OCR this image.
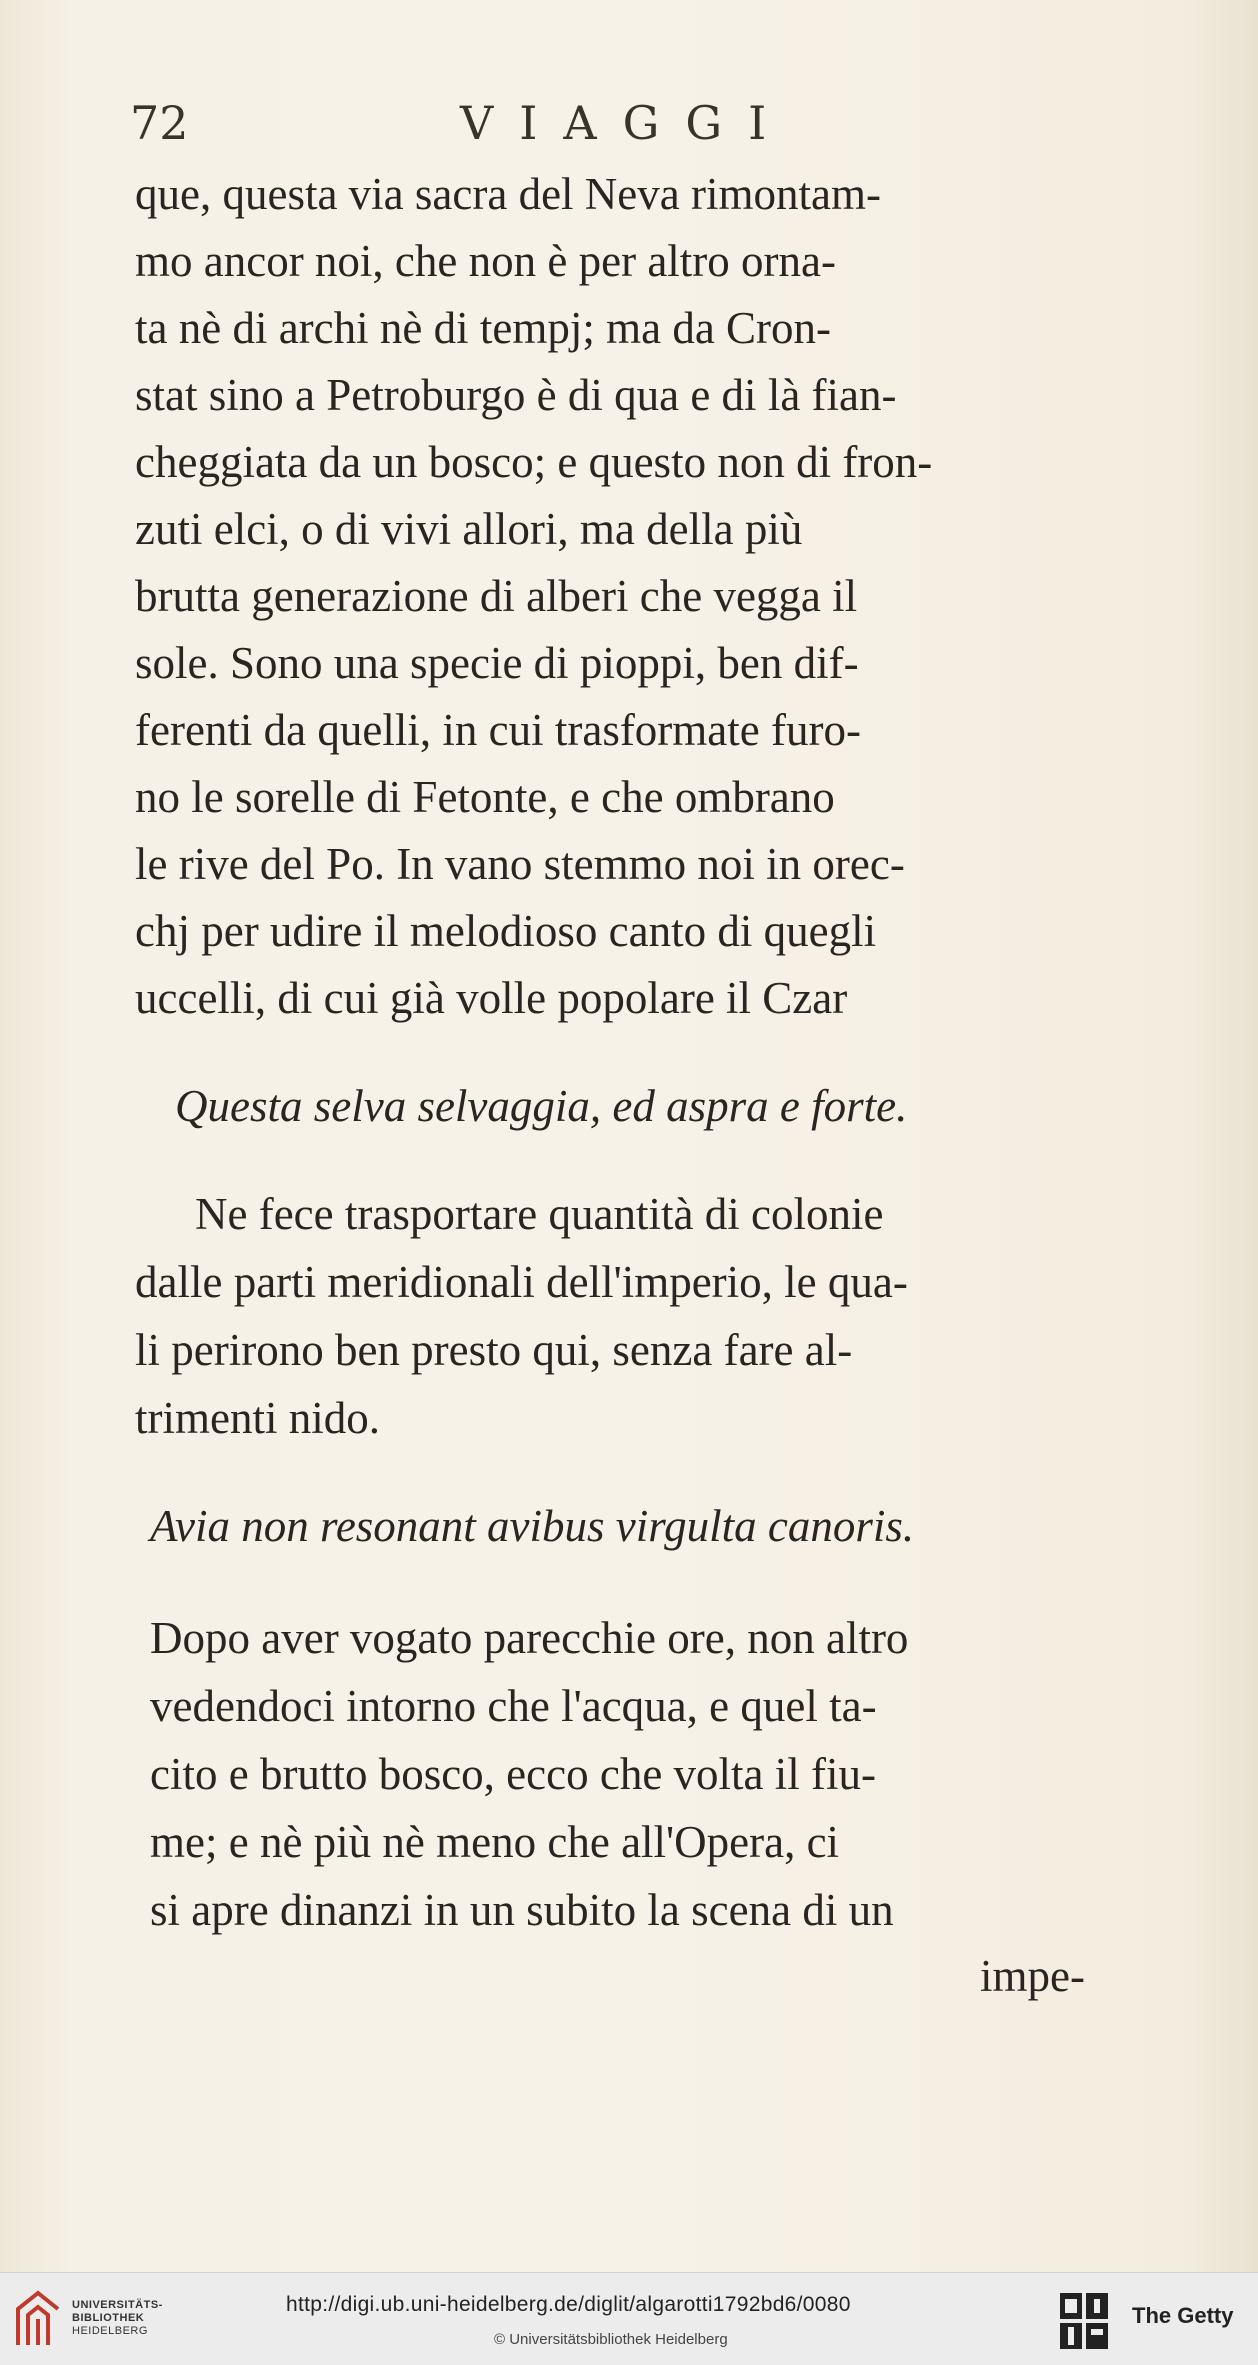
72	VIAGGI
que, questa via sacra del Neva rimontam-
mo ancor noi, che non è per altro orna-
ta nè di archi nè di tempj; ma da Cron-
stat sino a Petroburgo è di qua e di là fian-
cheggiata da un bosco; e questo non di fron-
zuti elci, o di vivi allori, ma della più
brutta generazione di alberi che vegga il
sole. Sono una specie di pioppi, ben dif-
ferenti da quelli, in cui trasformate furo-
no le sorelle di Fetonte, e che ombrano
le rive del Po. In vano stemmo noi in orec-
chj per udire il melodioso canto di quegli
uccelli, di cui già volle popolare il Czar
Questa selva selvaggia, ed aspra e forte.
Ne fece trasportare quantità di colonie
dalle parti meridionali dell'imperio, le qua-
li perirono ben presto qui, senza fare al-
trimenti nido.
Avia non resonant avibus virgulta canoris.
Dopo aver vogato parecchie ore, non altro
vedendoci intorno che l'acqua, e quel ta-
cito e brutto bosco, ecco che volta il fiu-
me; e nè più nè meno che all'Opera, ci
si apre dinanzi in un subito la scena di un
impe-
UNIVERSITÄTS-
BIBLIOTHEK
HEIDELBERG
http://digi.ub.uni-heidelberg.de/diglit/algarotti1792bd6/0080
© Universitätsbibliothek Heidelberg
The Getty
